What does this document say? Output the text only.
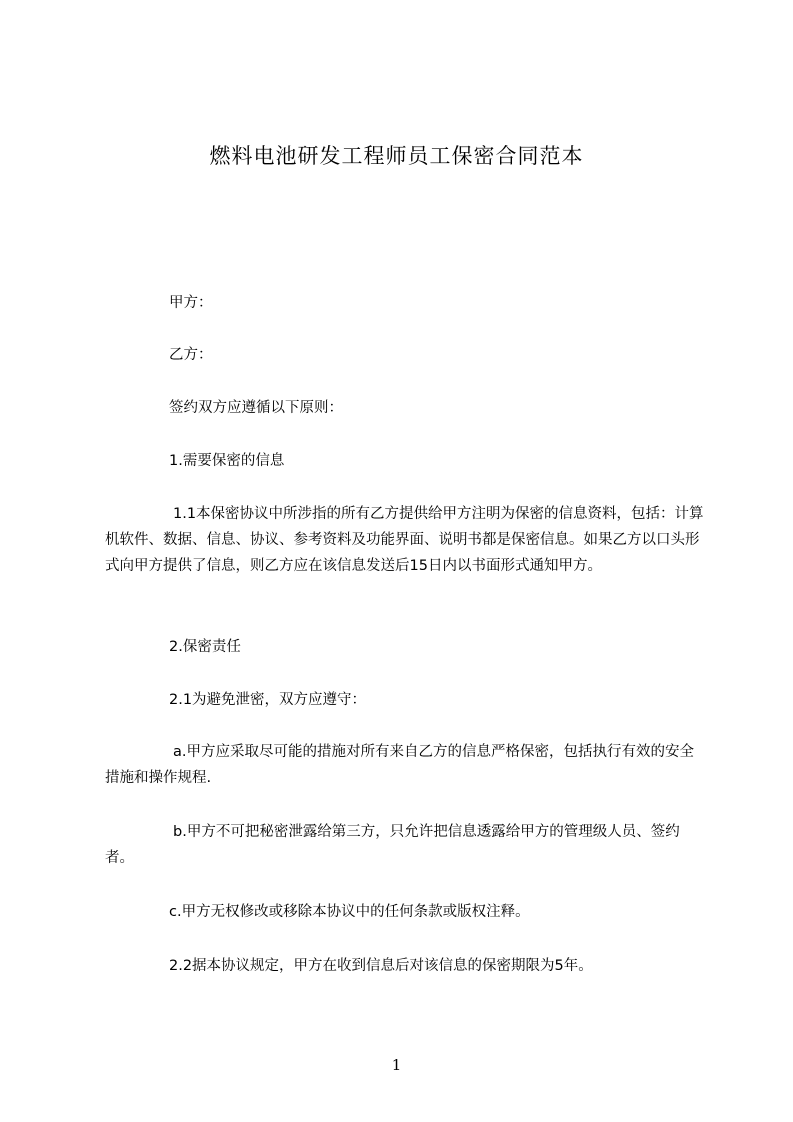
燃料电池研发工程师员工保密合同范本

甲方：

乙方：

签约双方应遵循以下原则：

1.需要保密的信息

1.1本保密协议中所涉指的所有乙方提供给甲方注明为保密的信息资料，包括：计算机软件、数据、信息、协议、参考资料及功能界面、说明书都是保密信息。如果乙方以口头形式向甲方提供了信息，则乙方应在该信息发送后15日内以书面形式通知甲方。

2.保密责任

2.1为避免泄密，双方应遵守：

a.甲方应采取尽可能的措施对所有来自乙方的信息严格保密，包括执行有效的安全措施和操作规程.

b.甲方不可把秘密泄露给第三方，只允许把信息透露给甲方的管理级人员、签约者。

c.甲方无权修改或移除本协议中的任何条款或版权注释。

2.2据本协议规定，甲方在收到信息后对该信息的保密期限为5年。

1
